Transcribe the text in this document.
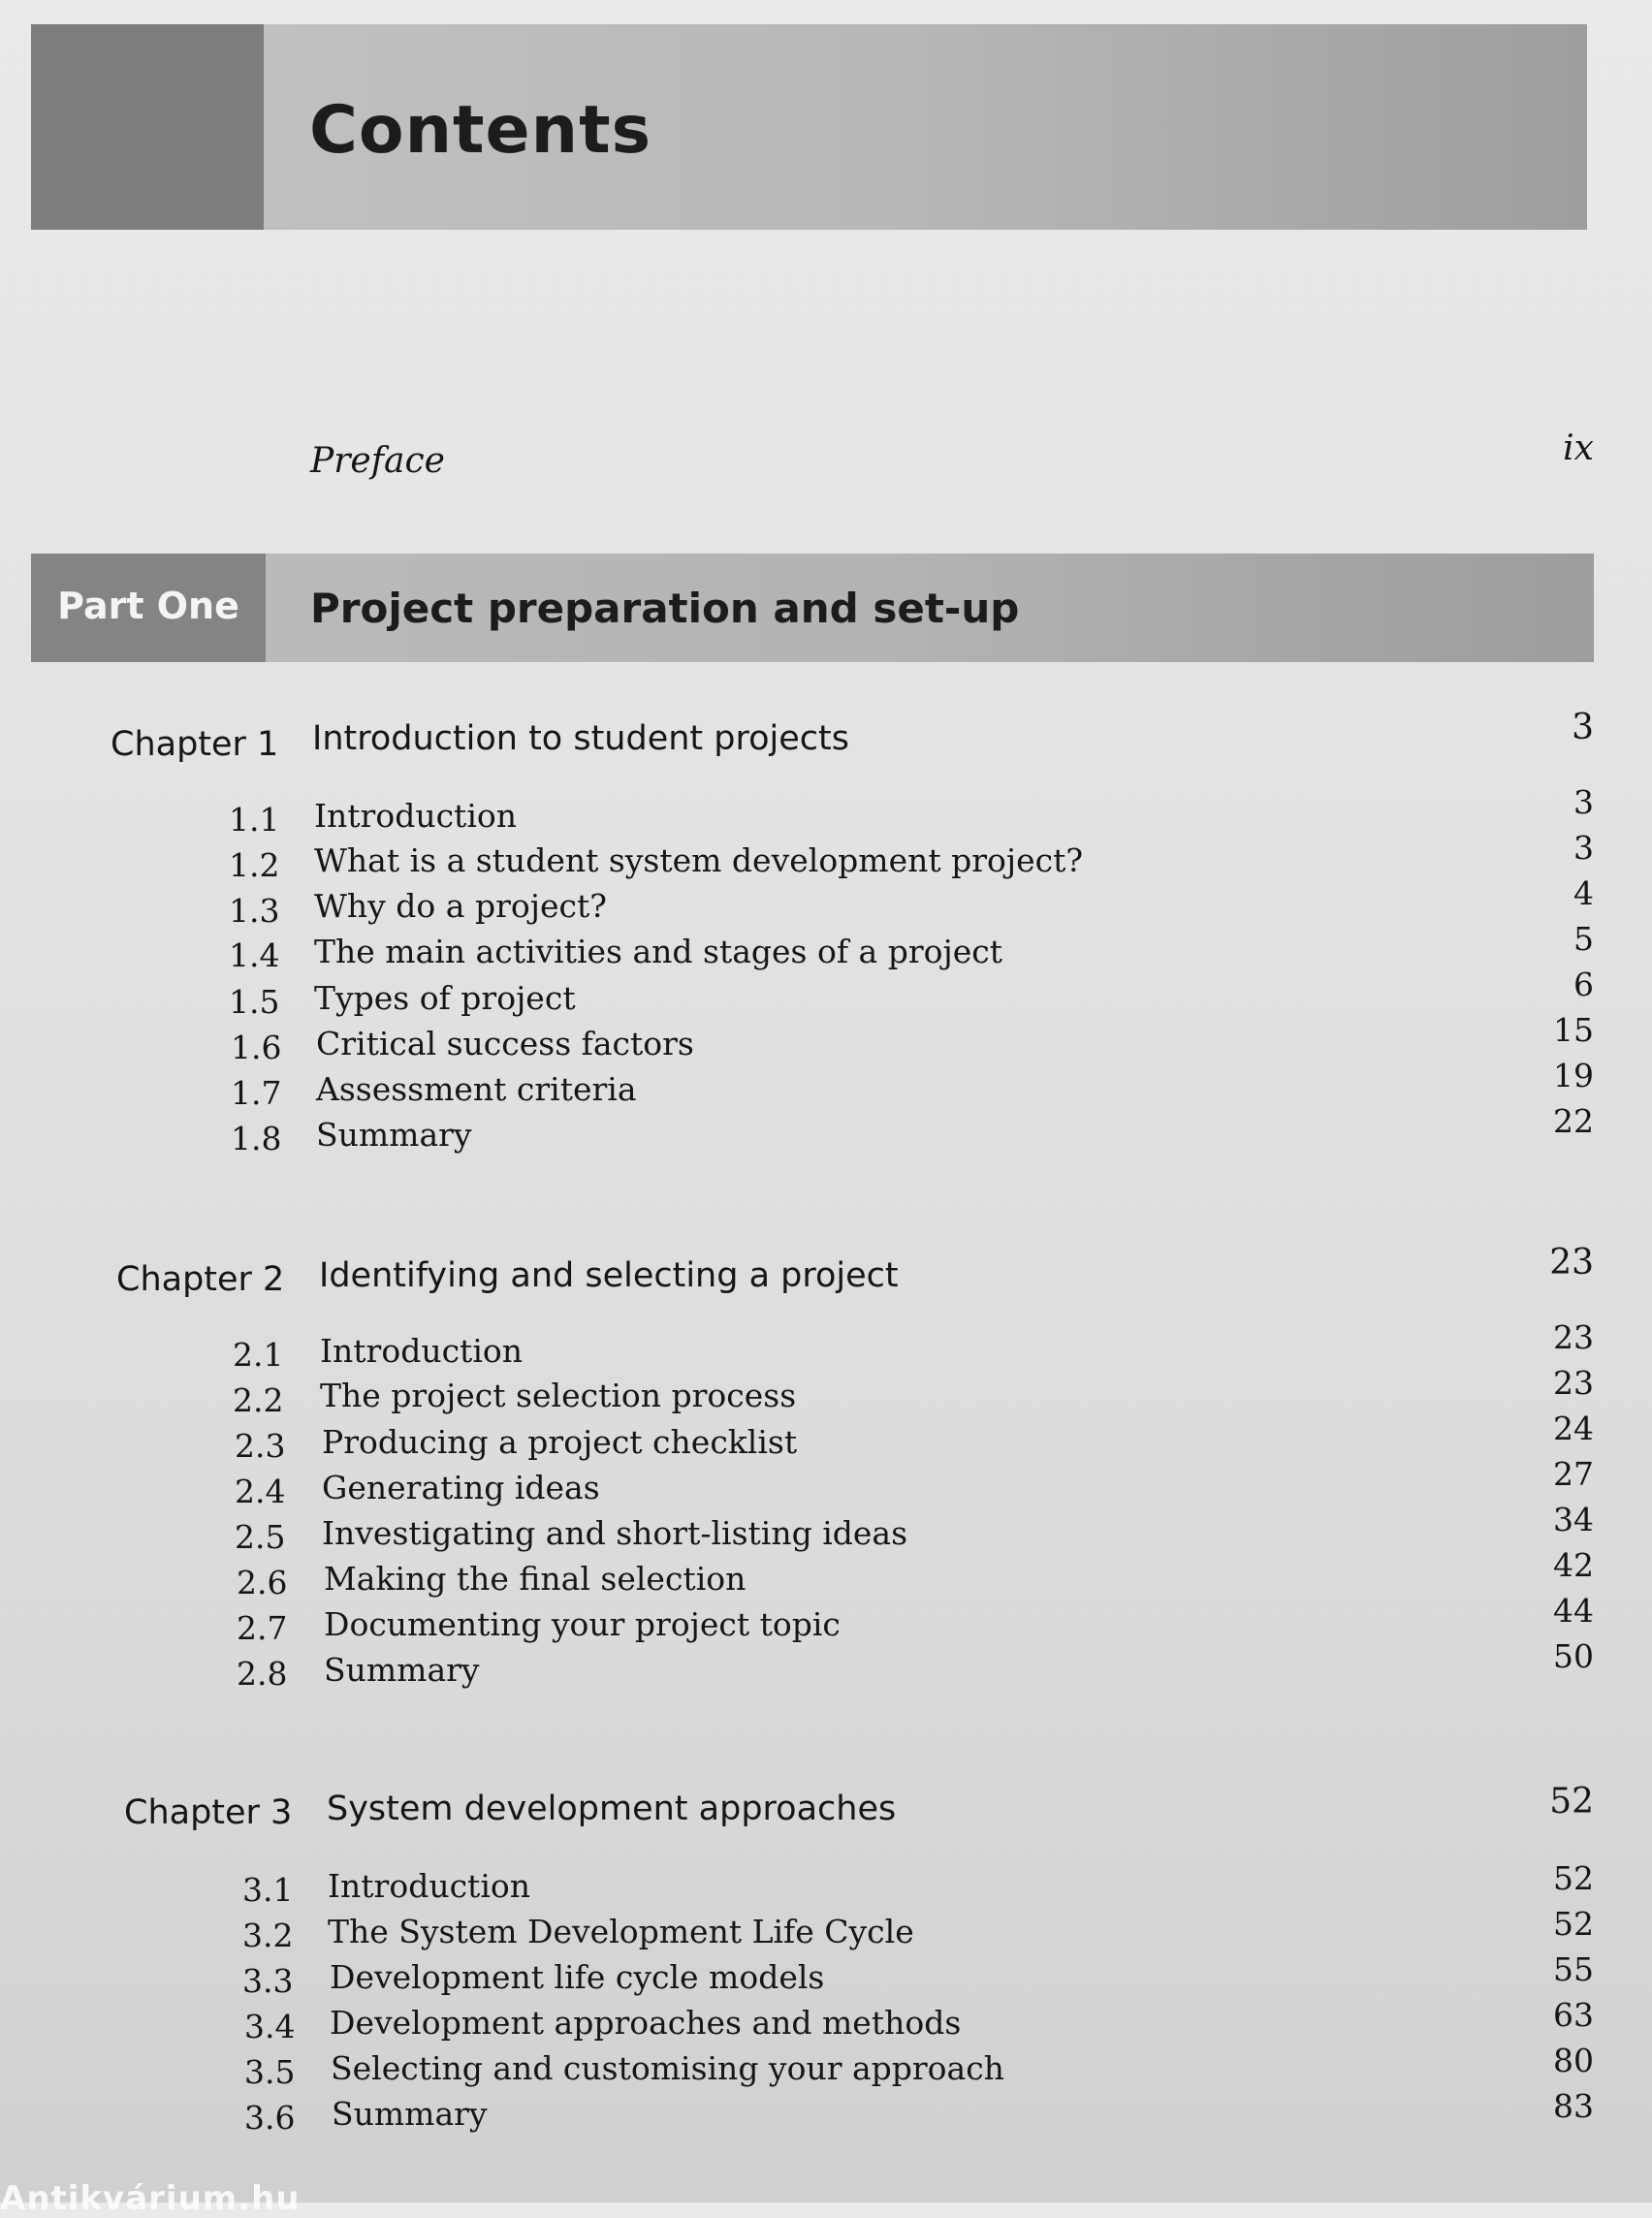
Contents
Preface	ix
Part One	Project preparation and set-up
Chapter 1 Introduction to student projects	3
1.1 Introduction	3
1.2 What is a student system development project?	3
1.3 Why do a project?	4
1.4 The main activities and stages of a project	5
1.5 Types of project	6
1.6 Critical success factors	15
1.7 Assessment criteria	19
1.8 Summary	22
Chapter 2 Identifying and selecting a project	23
2.1 Introduction	23
2.2 The project selection process	23
2.3 Producing a project checklist	24
2.4 Generating ideas	27
2.5 Investigating and short-listing ideas	34
2.6 Making the final selection	42
2.7 Documenting your project topic	44
2.8 Summary	50
Chapter 3 System development approaches	52
3.1 Introduction	52
3.2 The System Development Life Cycle	52
3.3 Development life cycle models	55
3.4 Development approaches and methods	63
3.5 Selecting and customising your approach	80
3.6 Summary	83
Antikvárium.hu
